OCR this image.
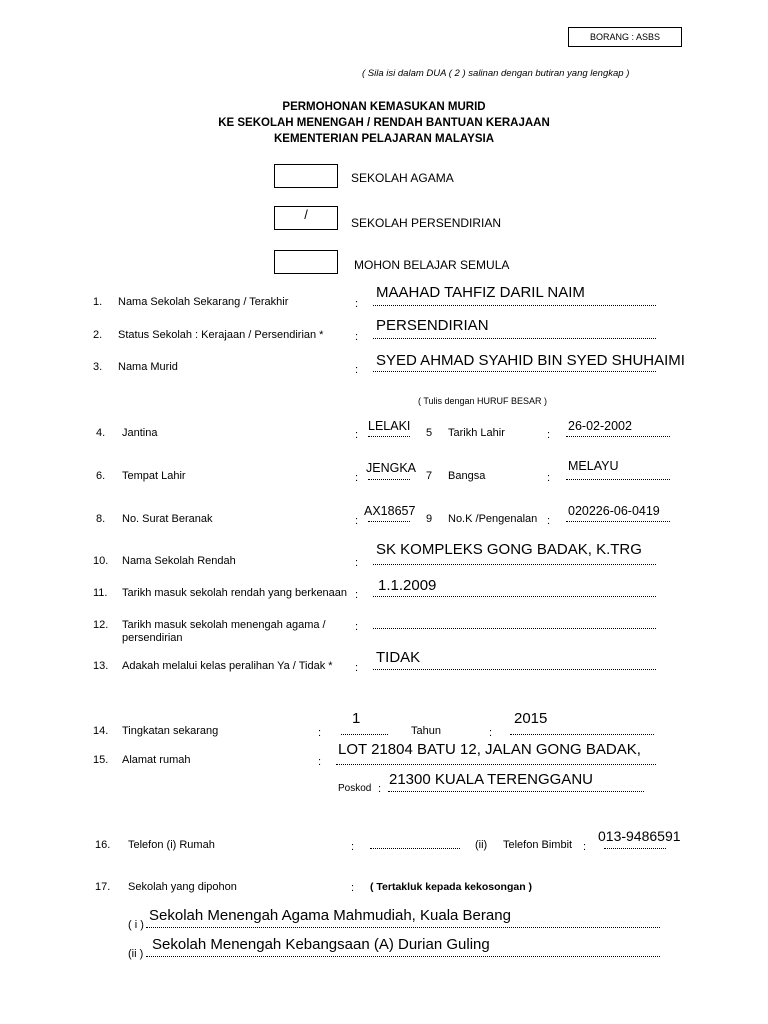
BORANG : ASBS
( Sila isi dalam DUA ( 2 ) salinan dengan butiran yang lengkap )
PERMOHONAN KEMASUKAN MURID
KE SEKOLAH MENENGAH / RENDAH BANTUAN KERAJAAN
KEMENTERIAN PELAJARAN MALAYSIA
SEKOLAH AGAMA
/
SEKOLAH PERSENDIRIAN
MOHON BELAJAR SEMULA
1. Nama Sekolah Sekarang / Terakhir	:
MAAHAD TAHFIZ DARIL NAIM
2. Status Sekolah : Kerajaan / Persendirian *	:
PERSENDIRIAN
3. Nama Murid	:
SYED AHMAD SYAHID BIN SYED SHUHAIMI
( Tulis dengan HURUF BESAR )
4. Jantina	:
LELAKI 5 Tarikh Lahir	:
26-02-2002
6. Tempat Lahir	:
JENGKA
7 Bangsa	:
MELAYU
8. No. Surat Beranak	:
AX18657
9 No.K /Pengenalan :
020226-06-0419
10. Nama Sekolah Rendah	:
SK KOMPLEKS GONG BADAK, K.TRG
11. Tarikh masuk sekolah rendah yang berkenaan :
1.1.2009
12. Tarikh masuk sekolah menengah agama /
persendirian
:
13. Adakah melalui kelas peralihan Ya / Tidak * :
TIDAK
14. Tingkatan sekarang	:
1
Tahun	:
2015
15. Alamat rumah	:
LOT 21804 BATU 12, JALAN GONG BADAK,
Poskod :
21300 KUALA TERENGGANU
16. Telefon (i) Rumah	:	(ii) Telefon Bimbit :
013-9486591
17. Sekolah yang dipohon	: ( Tertakluk kepada kekosongan )
( i )
Sekolah Menengah Agama Mahmudiah, Kuala Berang
(ii )
Sekolah Menengah Kebangsaan (A) Durian Guling
